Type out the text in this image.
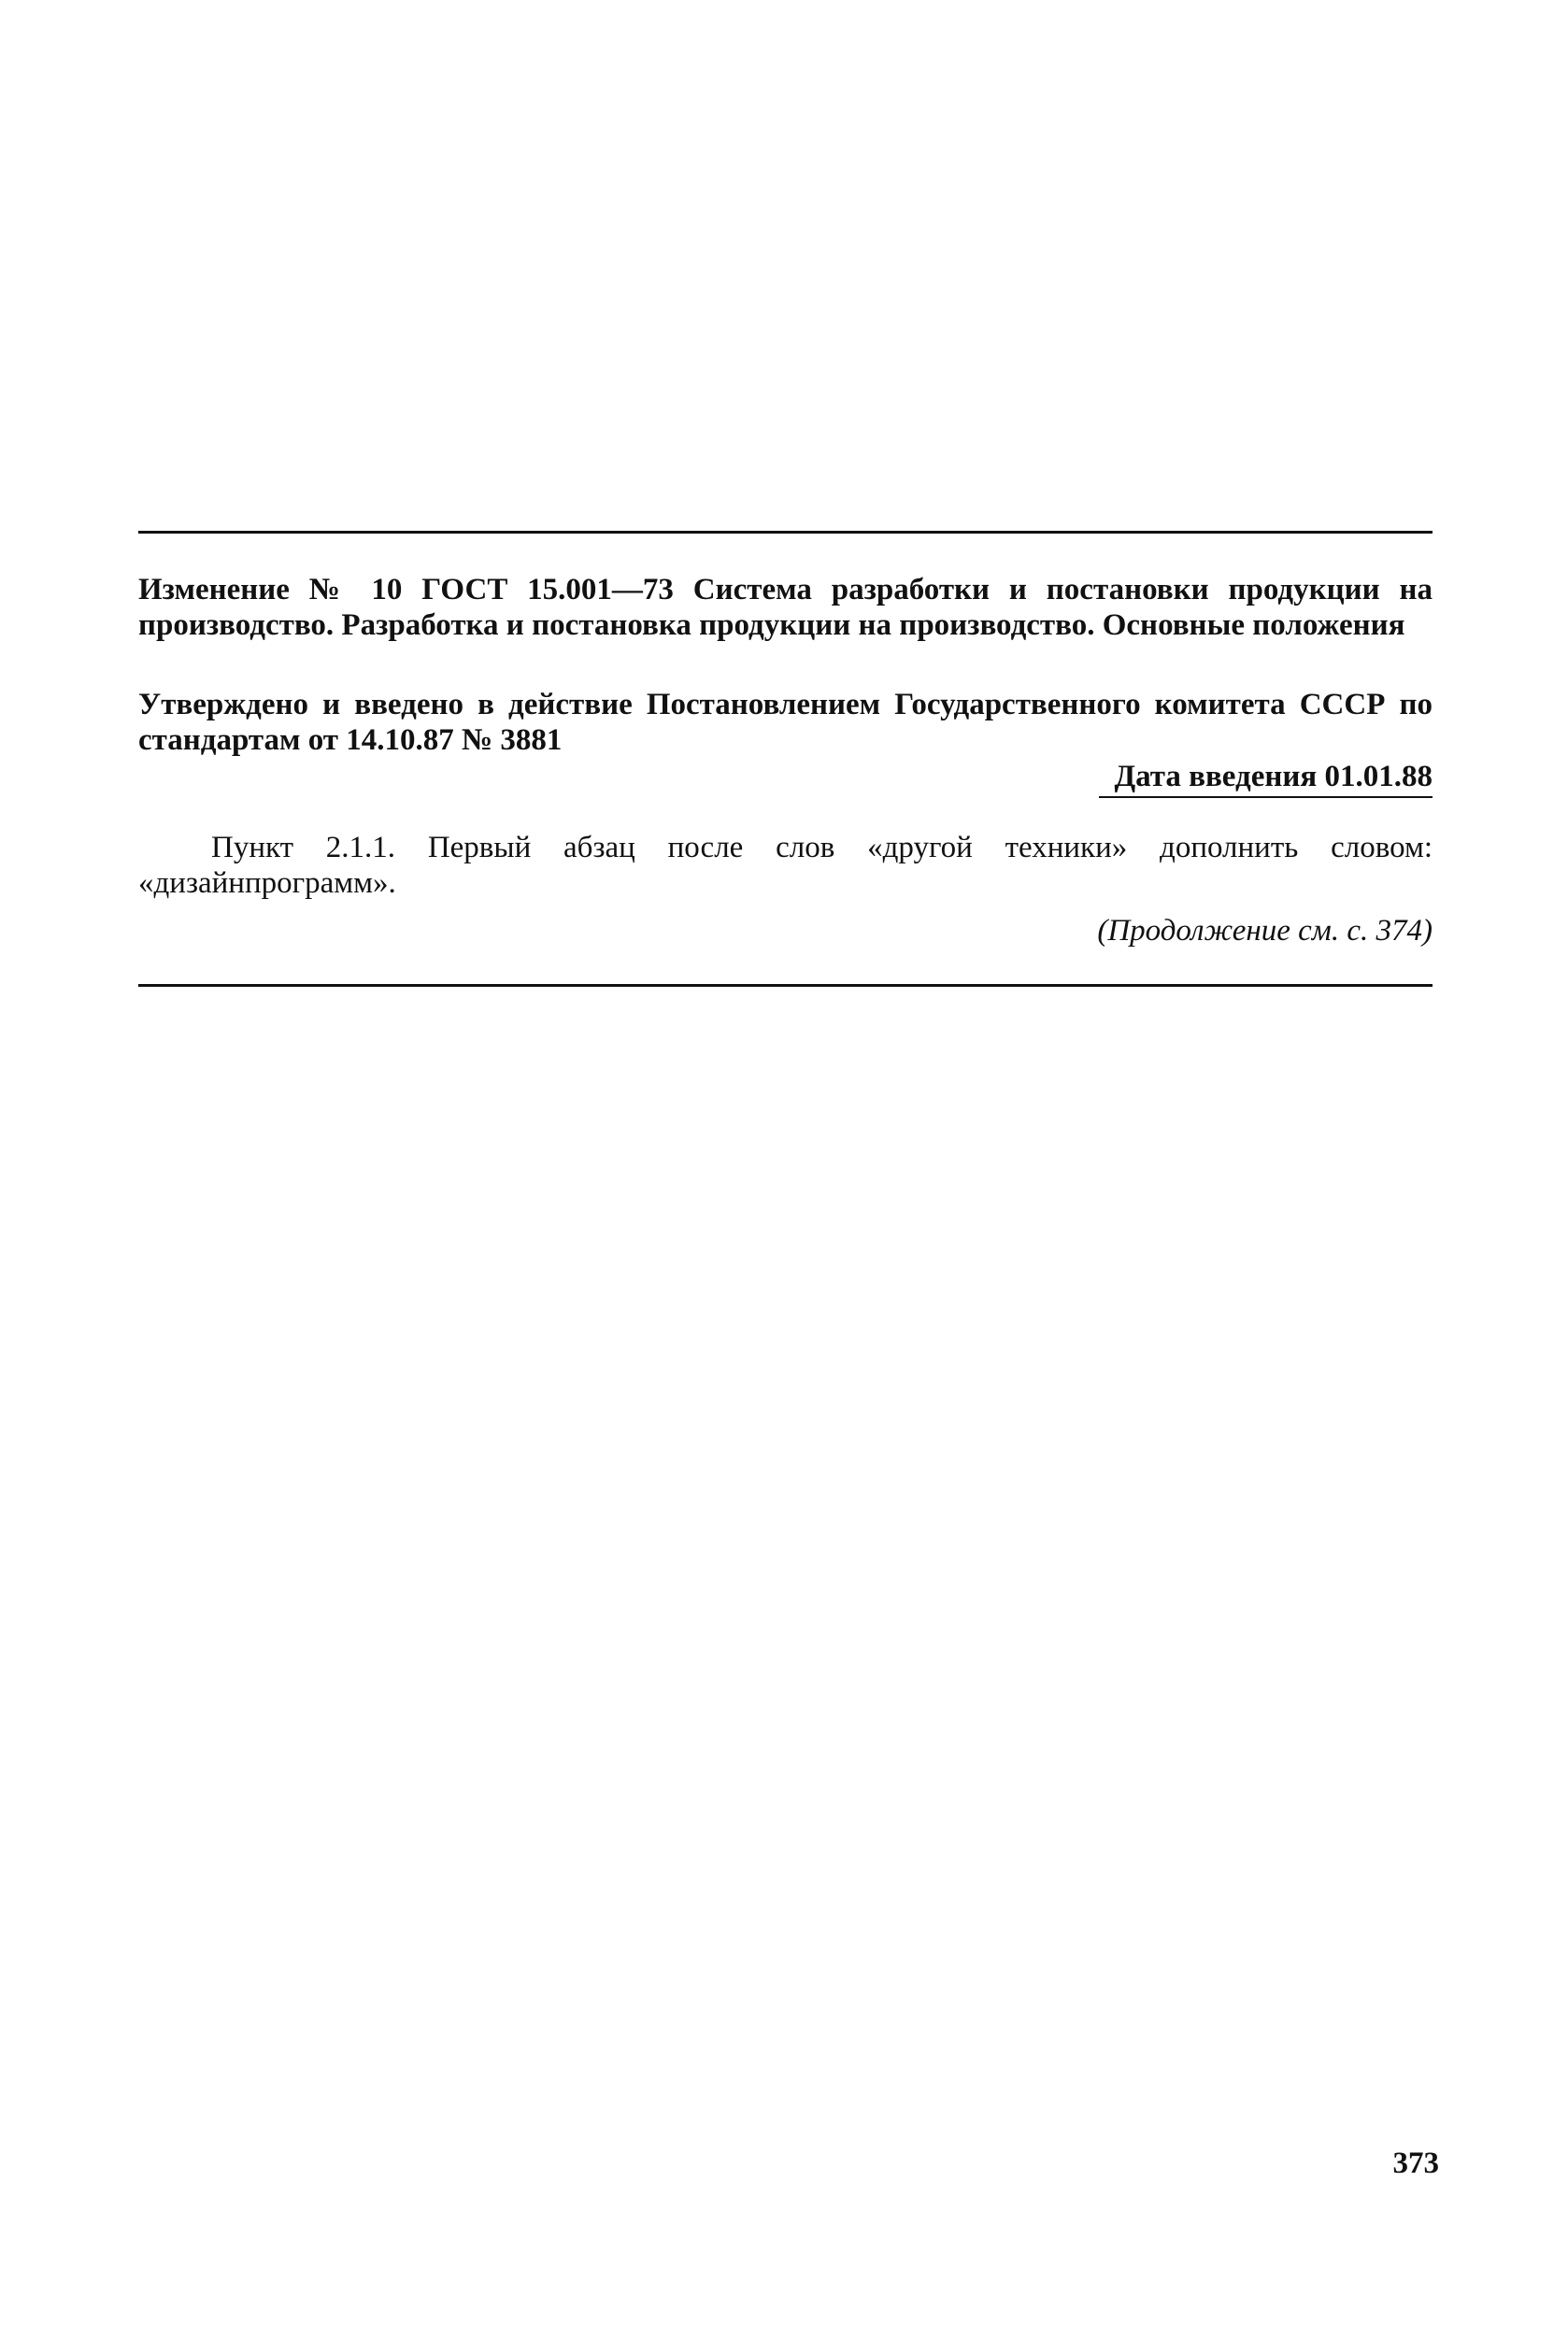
Изменение № 10 ГОСТ 15.001—73 Система разработки и постановки продукции на производство. Разработка и постановка продукции на производство. Основные положения
Утверждено и введено в действие Постановлением Государственного комитета СССР по стандартам от 14.10.87 № 3881
Дата введения 01.01.88
Пункт 2.1.1. Первый абзац после слов «другой техники» дополнить словом: «дизайнпрограмм».
(Продолжение см. с. 374)
373
